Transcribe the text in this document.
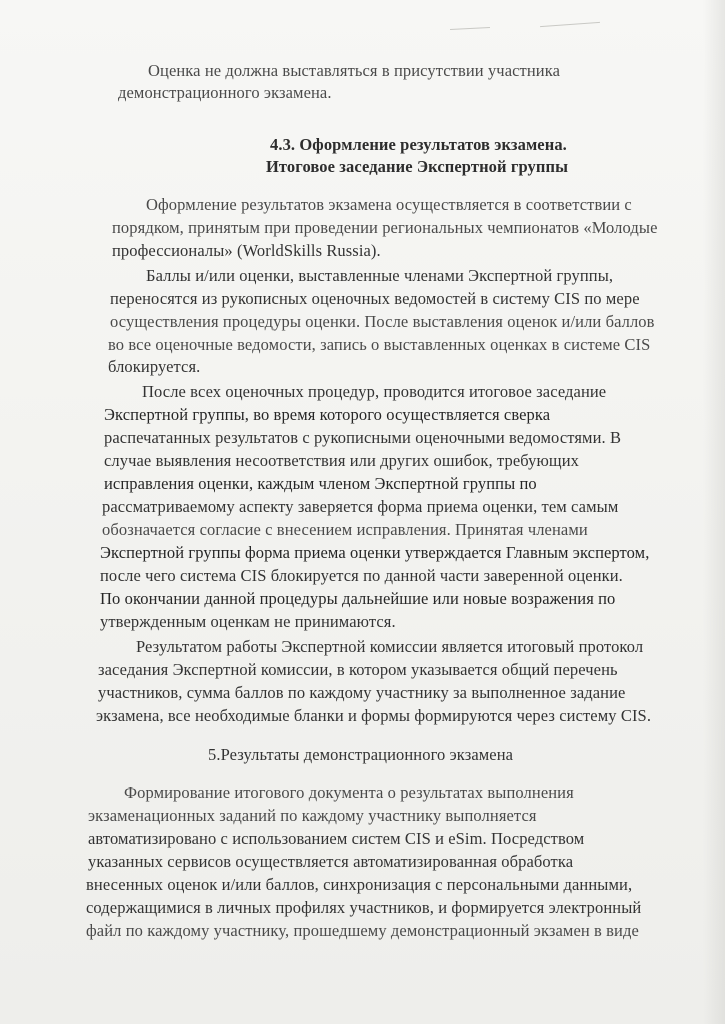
Оценка не должна выставляться в присутствии участника
демонстрационного экзамена.
4.3. Оформление результатов экзамена.
Итоговое заседание Экспертной группы
Оформление результатов экзамена осуществляется в соответствии с
порядком, принятым при проведении региональных чемпионатов «Молодые
профессионалы» (WorldSkills Russia).
Баллы и/или оценки, выставленные членами Экспертной группы,
переносятся из рукописных оценочных ведомостей в систему CIS по мере
осуществления процедуры оценки. После выставления оценок и/или баллов
во все оценочные ведомости, запись о выставленных оценках в системе CIS
блокируется.
После всех оценочных процедур, проводится итоговое заседание
Экспертной группы, во время которого осуществляется сверка
распечатанных результатов с рукописными оценочными ведомостями. В
случае выявления несоответствия или других ошибок, требующих
исправления оценки, каждым членом Экспертной группы по
рассматриваемому аспекту заверяется форма приема оценки, тем самым
обозначается согласие с внесением исправления. Принятая членами
Экспертной группы форма приема оценки утверждается Главным экспертом,
после чего система CIS блокируется по данной части заверенной оценки.
По окончании данной процедуры дальнейшие или новые возражения по
утвержденным оценкам не принимаются.
Результатом работы Экспертной комиссии является итоговый протокол
заседания Экспертной комиссии, в котором указывается общий перечень
участников, сумма баллов по каждому участнику за выполненное задание
экзамена, все необходимые бланки и формы формируются через систему CIS.
5.Результаты демонстрационного экзамена
Формирование итогового документа о результатах выполнения
экзаменационных заданий по каждому участнику выполняется
автоматизировано с использованием систем CIS и eSim. Посредством
указанных сервисов осуществляется автоматизированная обработка
внесенных оценок и/или баллов, синхронизация с персональными данными,
содержащимися в личных профилях участников, и формируется электронный
файл по каждому участнику, прошедшему демонстрационный экзамен в виде
